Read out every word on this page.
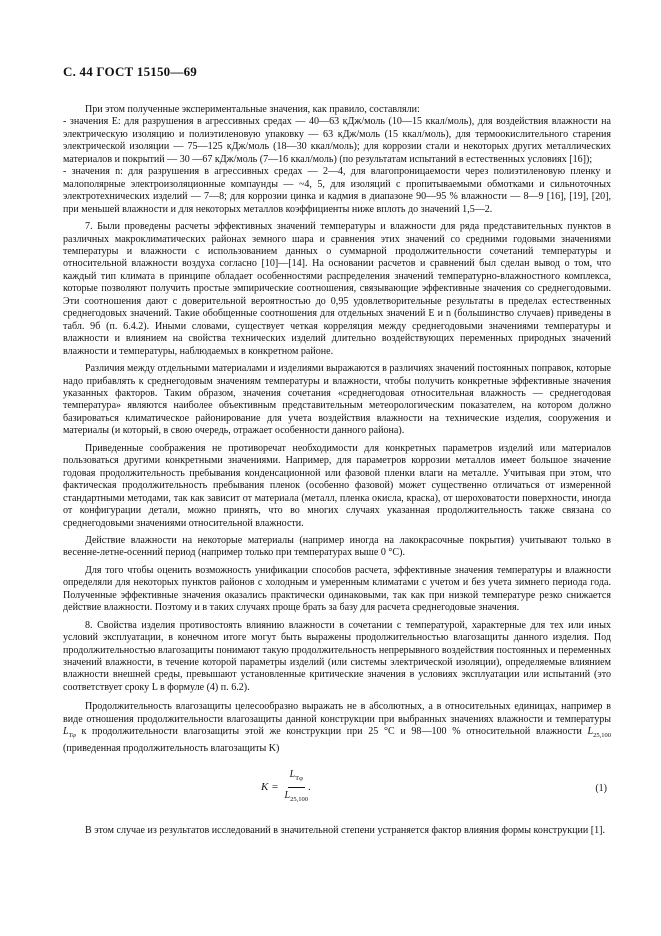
С. 44 ГОСТ 15150—69

При этом полученные экспериментальные значения, как правило, составляли:

- значения E: для разрушения в агрессивных средах — 40—63 кДж/моль (10—15 ккал/моль), для воздействия влажности на электрическую изоляцию и полиэтиленовую упаковку — 63 кДж/моль (15 ккал/моль), для термоокислительного старения электрической изоляции — 75—125 кДж/моль (18—30 ккал/моль); для коррозии стали и некоторых других металлических материалов и покрытий — 30 —67 кДж/моль (7—16 ккал/моль) (по результатам испытаний в естественных условиях [16]);

- значения n: для разрушения в агрессивных средах — 2—4, для влагопроницаемости через полиэтиленовую пленку и малополярные электроизоляционные компаунды — ~4, 5, для изоляций с пропитываемыми обмотками и сильноточных электротехнических изделий — 7—8; для коррозии цинка и кадмия в диапазоне 90—95 % влажности — 8—9 [16], [19], [20], при меньшей влажности и для некоторых металлов коэффициенты ниже вплоть до значений 1,5—2.

7. Были проведены расчеты эффективных значений температуры и влажности для ряда представительных пунктов в различных макроклиматических районах земного шара и сравнения этих значений со средними годовыми значениями температуры и влажности с использованием данных о суммарной продолжительности сочетаний температуры и относительной влажности воздуха согласно [10]—[14]. На основании расчетов и сравнений был сделан вывод о том, что каждый тип климата в принципе обладает особенностями распределения значений температурно-влажностного комплекса, которые позволяют получить простые эмпирические соотношения, связывающие эффективные значения со среднегодовыми. Эти соотношения дают с доверительной вероятностью до 0,95 удовлетворительные результаты в пределах естественных среднегодовых значений. Такие обобщенные соотношения для отдельных значений E и n (большинство случаев) приведены в табл. 9б (п. 6.4.2). Иными словами, существует четкая корреляция между среднегодовыми значениями температуры и влажности и влиянием на свойства технических изделий длительно воздействующих переменных природных значений влажности и температуры, наблюдаемых в конкретном районе.

Различия между отдельными материалами и изделиями выражаются в различиях значений постоянных поправок, которые надо прибавлять к среднегодовым значениям температуры и влажности, чтобы получить конкретные эффективные значения указанных факторов. Таким образом, значения сочетания «среднегодовая относительная влажность — среднегодовая температура» являются наиболее объективным представительным метеорологическим показателем, на котором должно базироваться климатическое районирование для учета воздействия влажности на технические изделия, сооружения и материалы (и который, в свою очередь, отражает особенности данного района).

Приведенные соображения не противоречат необходимости для конкретных параметров изделий или материалов пользоваться другими конкретными значениями. Например, для параметров коррозии металлов имеет большое значение годовая продолжительность пребывания конденсационной или фазовой пленки влаги на металле. Учитывая при этом, что фактическая продолжительность пребывания пленок (особенно фазовой) может существенно отличаться от измеренной стандартными методами, так как зависит от материала (металл, пленка окисла, краска), от шероховатости поверхности, иногда от конфигурации детали, можно принять, что во многих случаях указанная продолжительность также связана со среднегодовыми значениями относительной влажности.

Действие влажности на некоторые материалы (например иногда на лакокрасочные покрытия) учитывают только в весенне-летне-осенний период (например только при температурах выше 0 °С).

Для того чтобы оценить возможность унификации способов расчета, эффективные значения температуры и влажности определяли для некоторых пунктов районов с холодным и умеренным климатами с учетом и без учета зимнего периода года. Полученные эффективные значения оказались практически одинаковыми, так как при низкой температуре резко снижается действие влажности. Поэтому и в таких случаях проще брать за базу для расчета среднегодовые значения.

8. Свойства изделия противостоять влиянию влажности в сочетании с температурой, характерные для тех или иных условий эксплуатации, в конечном итоге могут быть выражены продолжительностью влагозащиты данного изделия. Под продолжительностью влагозащиты понимают такую продолжительность непрерывного воздействия постоянных и переменных значений влажности, в течение которой параметры изделий (или системы электрической изоляции), определяемые влиянием влажности внешней среды, превышают установленные критические значения в условиях эксплуатации или испытаний (это соответствует сроку L в формуле (4) п. 6.2).

Продолжительность влагозащиты целесообразно выражать не в абсолютных, а в относительных единицах, например в виде отношения продолжительности влагозащиты данной конструкции при выбранных значениях влажности и температуры $L_{T\varphi}$ к продолжительности влагозащиты этой же конструкции при 25 °С и 98—100 % относительной влажности $L_{25,100}$ (приведенная продолжительность влагозащиты K)

$K = \frac{L_{T\varphi}}{L_{25,100}}$ .	(1)

В этом случае из результатов исследований в значительной степени устраняется фактор влияния формы конструкции [1].
